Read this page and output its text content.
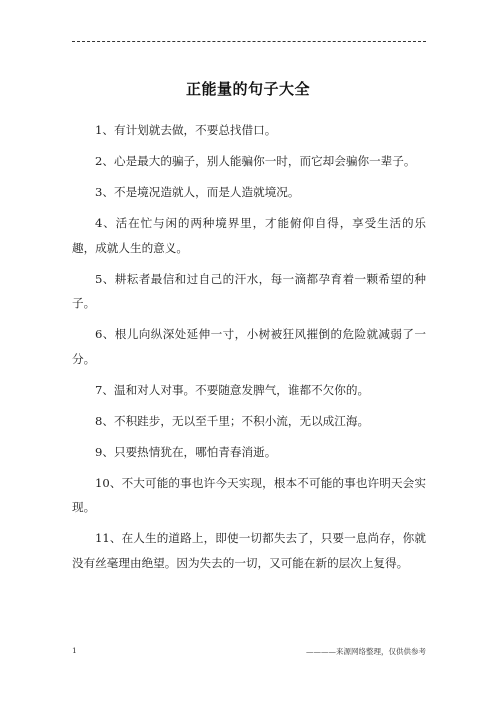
正能量的句子大全

1、有计划就去做，不要总找借口。

2、心是最大的骗子，别人能骗你一时，而它却会骗你一辈子。

3、不是境况造就人，而是人造就境况。

4、活在忙与闲的两种境界里，才能俯仰自得，享受生活的乐趣，成就人生的意义。

5、耕耘者最信和过自己的汗水，每一滴都孕育着一颗希望的种子。

6、根儿向纵深处延伸一寸，小树被狂风摧倒的危险就减弱了一分。

7、温和对人对事。不要随意发脾气，谁都不欠你的。

8、不积跬步，无以至千里；不积小流，无以成江海。

9、只要热情犹在，哪怕青春消逝。

10、不大可能的事也许今天实现，根本不可能的事也许明天会实现。

11、在人生的道路上，即使一切都失去了，只要一息尚存，你就没有丝毫理由绝望。因为失去的一切，又可能在新的层次上复得。

1	————来源网络整理，仅供供参考
